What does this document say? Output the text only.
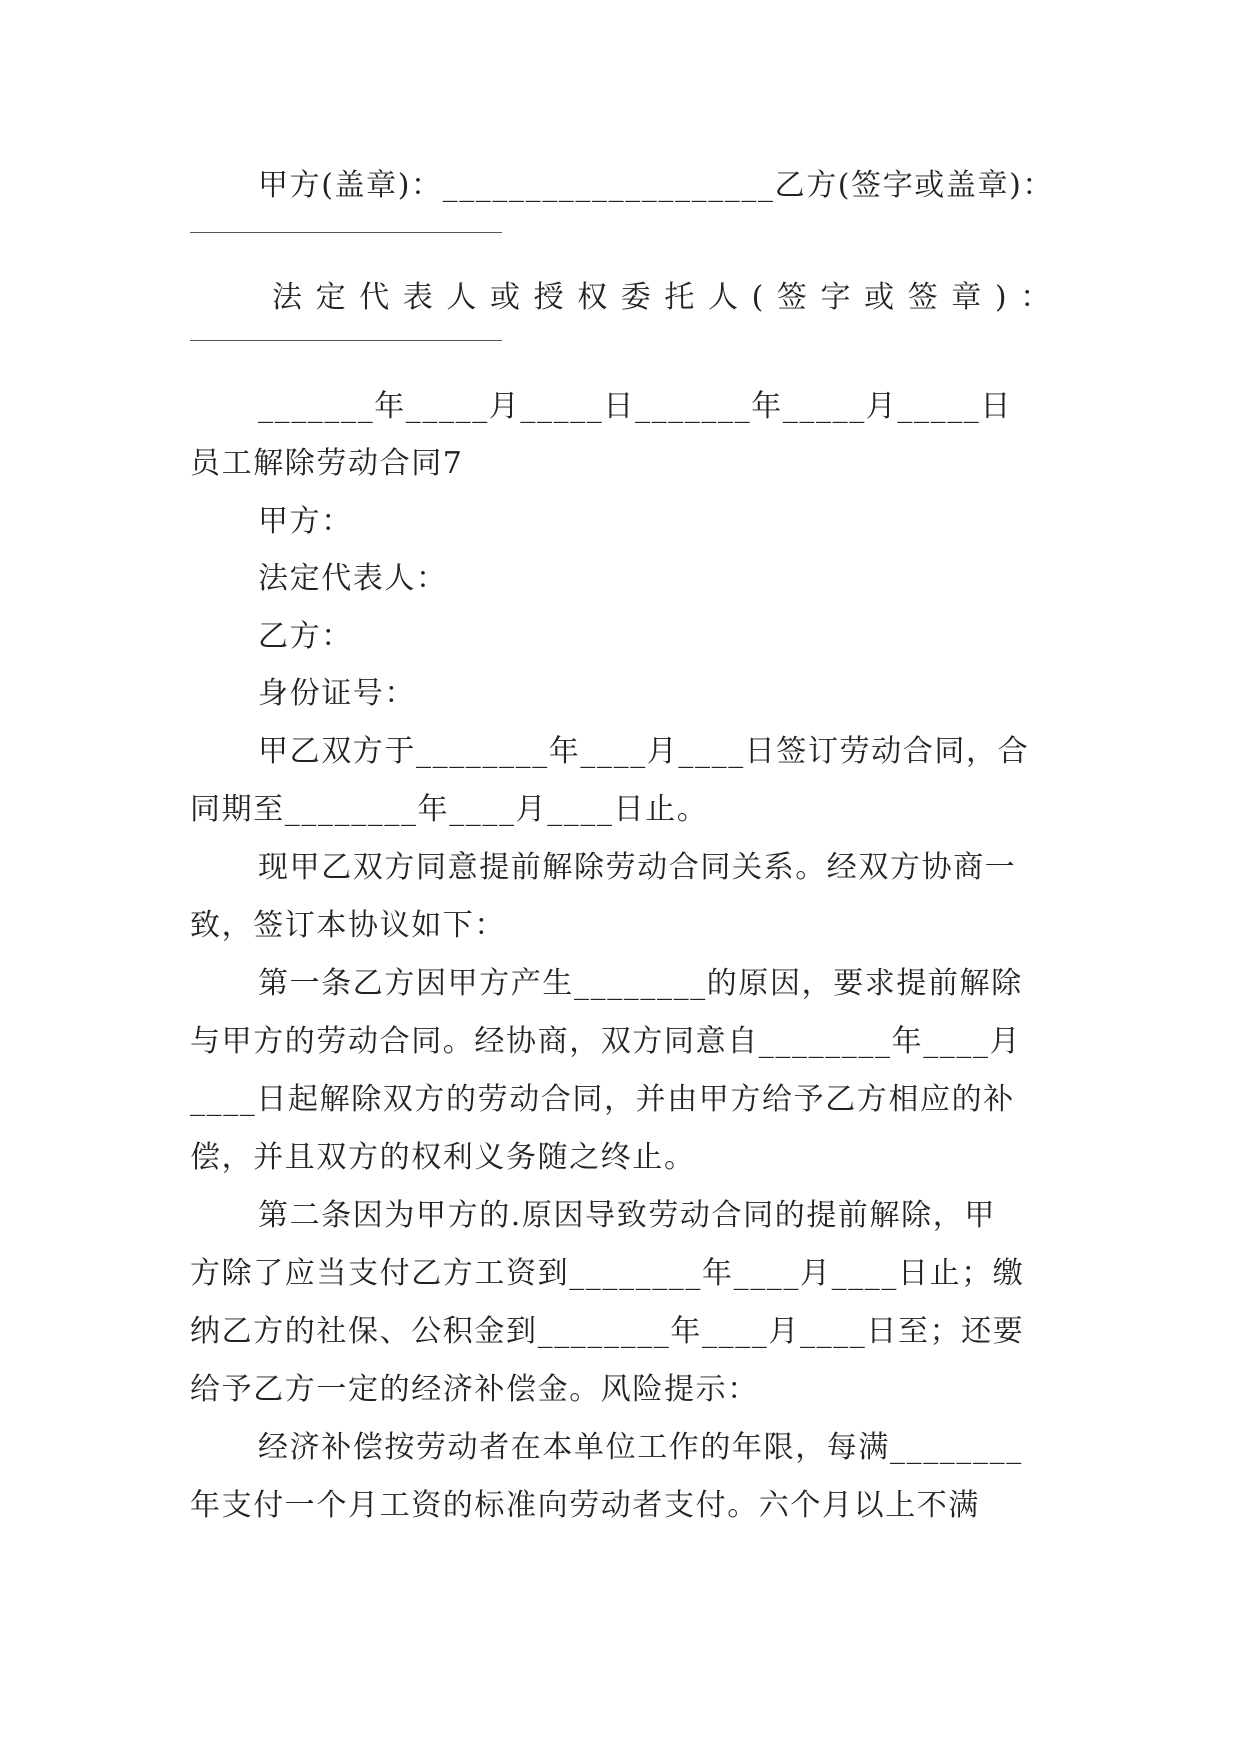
甲方(盖章)：____________________乙方(签字或盖章)：
法定代表人或授权委托人(签字或签章)：
_______年_____月_____日_______年_____月_____日
员工解除劳动合同7
甲方：
法定代表人：
乙方：
身份证号：
甲乙双方于________年____月____日签订劳动合同，合
同期至________年____月____日止。
现甲乙双方同意提前解除劳动合同关系。经双方协商一
致，签订本协议如下：
第一条乙方因甲方产生________的原因，要求提前解除
与甲方的劳动合同。经协商，双方同意自________年____月
____日起解除双方的劳动合同，并由甲方给予乙方相应的补
偿，并且双方的权利义务随之终止。
第二条因为甲方的.原因导致劳动合同的提前解除，甲
方除了应当支付乙方工资到________年____月____日止；缴
纳乙方的社保、公积金到________年____月____日至；还要
给予乙方一定的经济补偿金。风险提示：
经济补偿按劳动者在本单位工作的年限，每满________
年支付一个月工资的标准向劳动者支付。六个月以上不满
